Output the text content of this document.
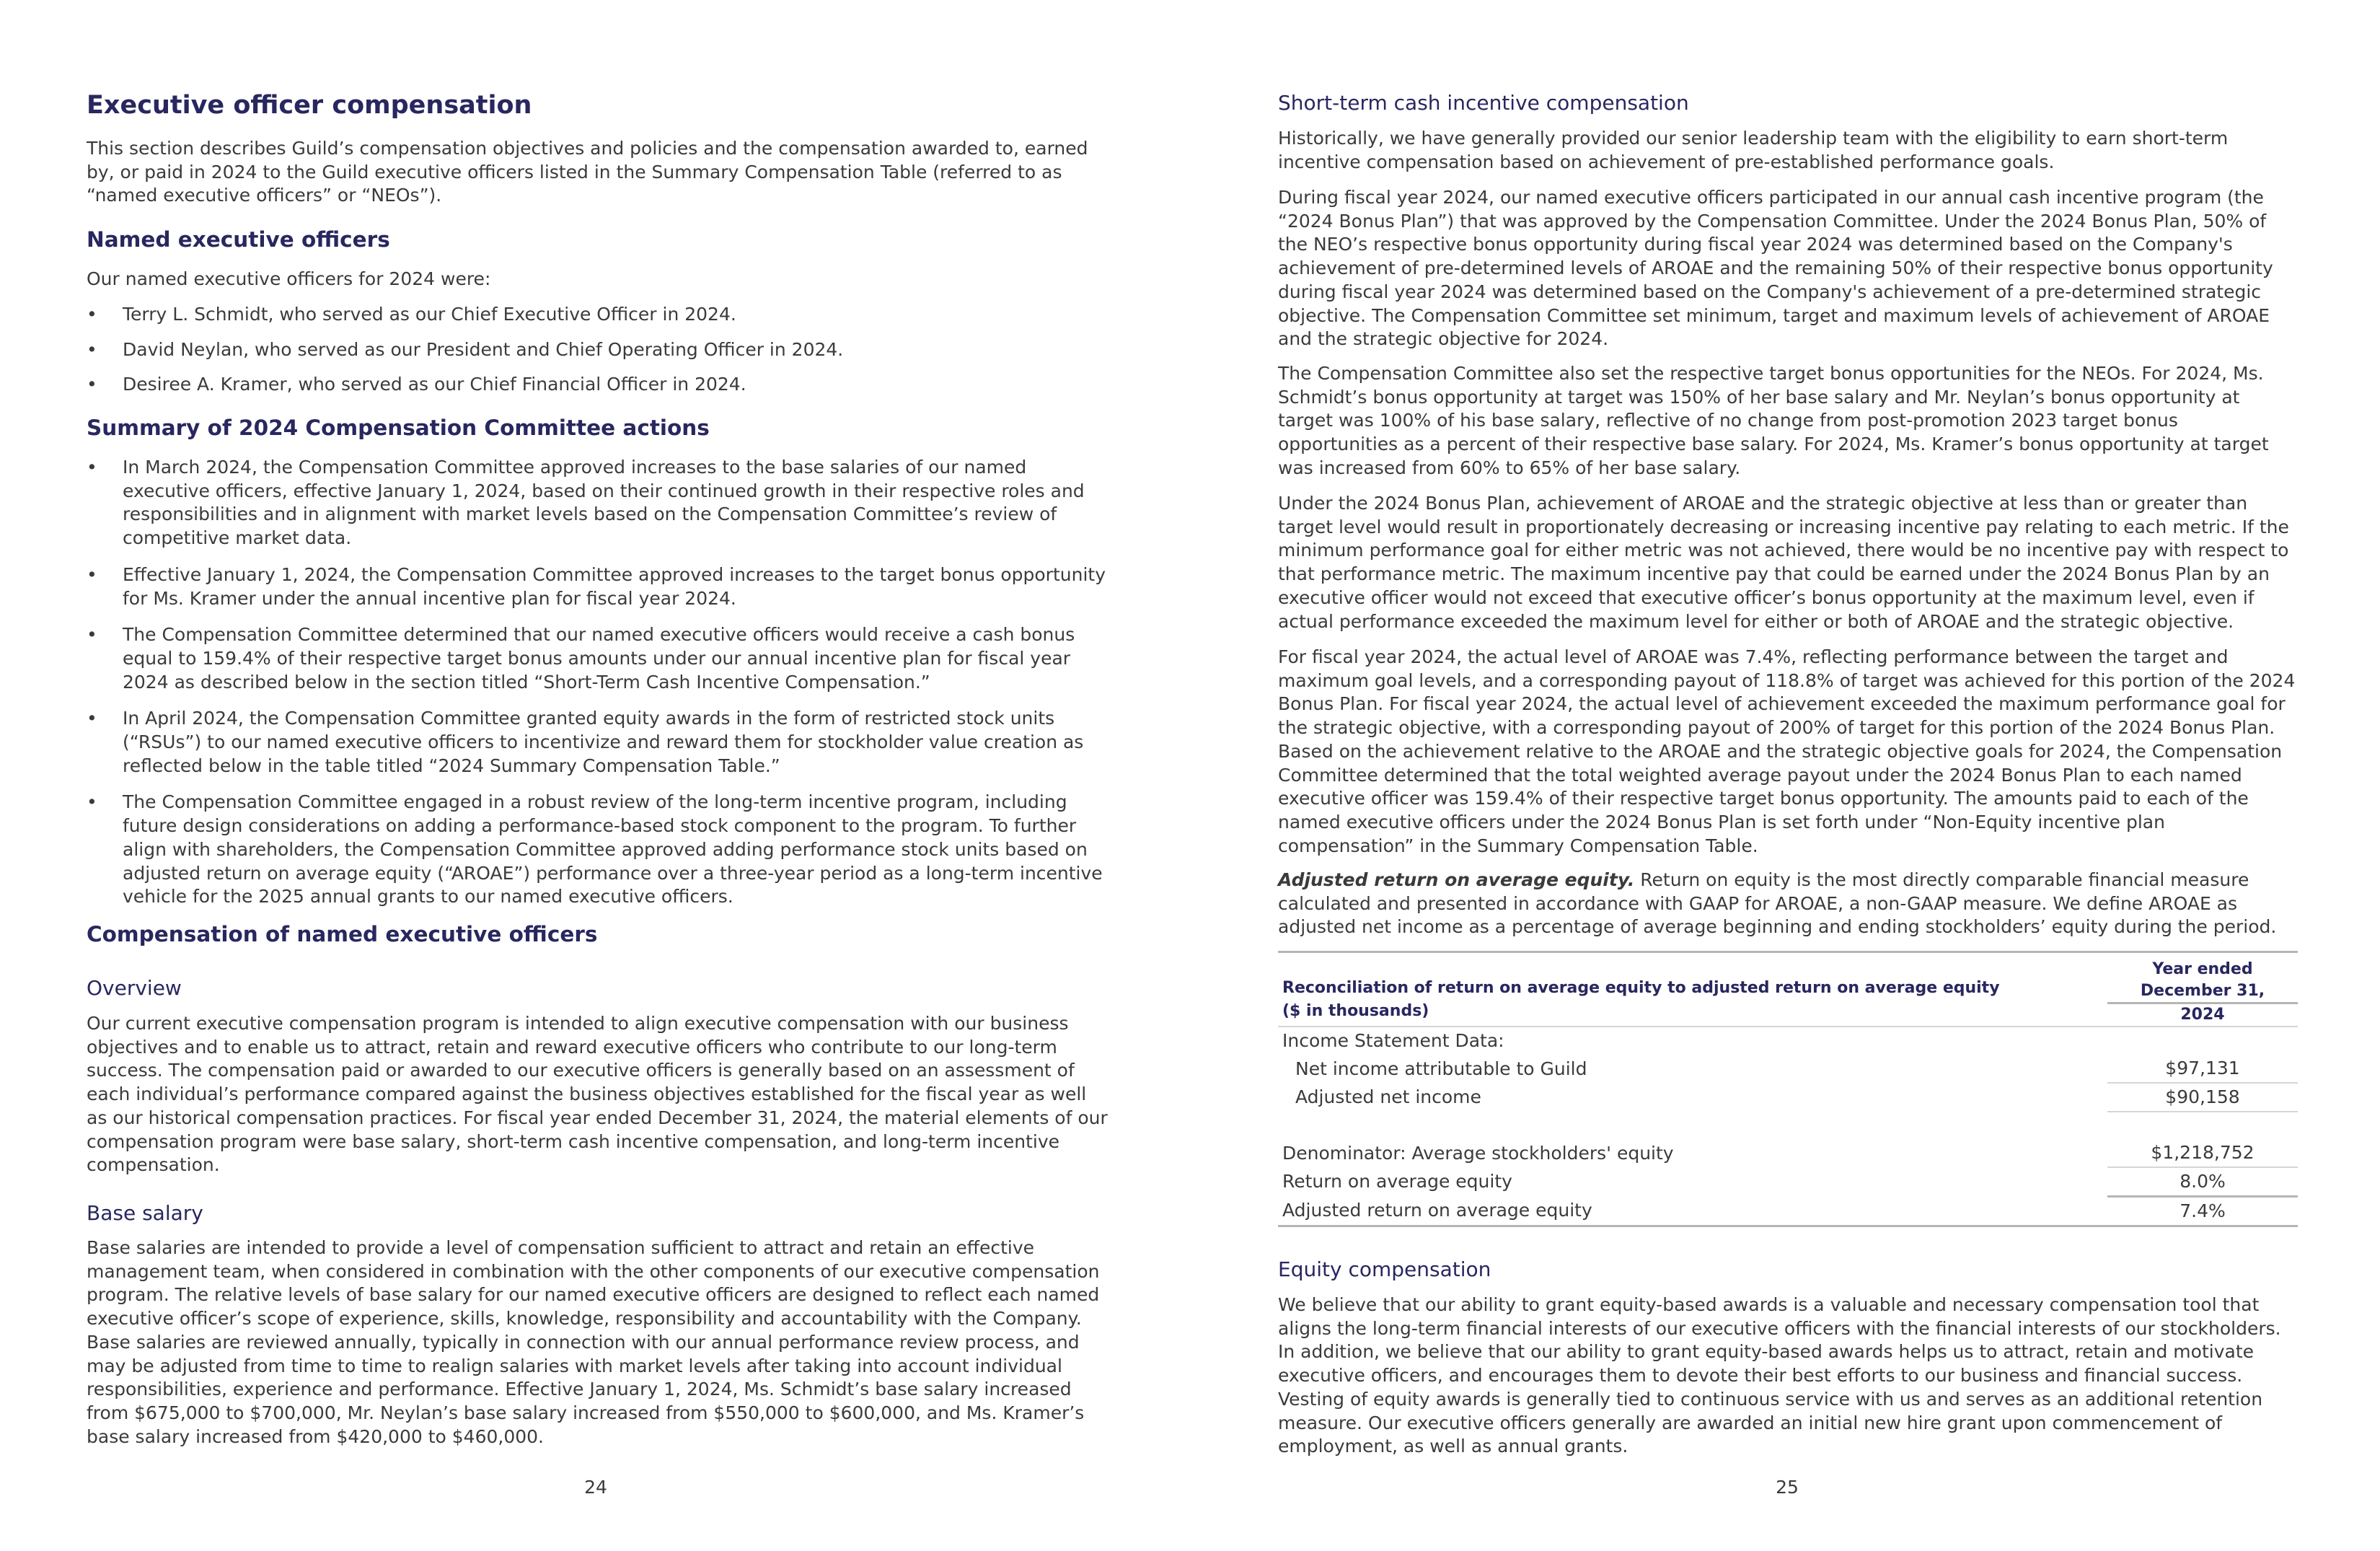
Executive officer compensation

This section describes Guild’s compensation objectives and policies and the compensation awarded to, earned by, or paid in 2024 to the Guild executive officers listed in the Summary Compensation Table (referred to as “named executive officers” or “NEOs”).

Named executive officers

Our named executive officers for 2024 were:

• Terry L. Schmidt, who served as our Chief Executive Officer in 2024.
• David Neylan, who served as our President and Chief Operating Officer in 2024.
• Desiree A. Kramer, who served as our Chief Financial Officer in 2024.
Summary of 2024 Compensation Committee actions
• In March 2024, the Compensation Committee approved increases to the base salaries of our named executive officers, effective January 1, 2024, based on their continued growth in their respective roles and responsibilities and in alignment with market levels based on the Compensation Committee’s review of competitive market data.
• Effective January 1, 2024, the Compensation Committee approved increases to the target bonus opportunity for Ms. Kramer under the annual incentive plan for fiscal year 2024.
• The Compensation Committee determined that our named executive officers would receive a cash bonus equal to 159.4% of their respective target bonus amounts under our annual incentive plan for fiscal year 2024 as described below in the section titled “Short-Term Cash Incentive Compensation.”
• In April 2024, the Compensation Committee granted equity awards in the form of restricted stock units (“RSUs”) to our named executive officers to incentivize and reward them for stockholder value creation as reflected below in the table titled “2024 Summary Compensation Table.”
• The Compensation Committee engaged in a robust review of the long-term incentive program, including future design considerations on adding a performance-based stock component to the program. To further align with shareholders, the Compensation Committee approved adding performance stock units based on adjusted return on average equity (“AROAE”) performance over a three-year period as a long-term incentive vehicle for the 2025 annual grants to our named executive officers.
Compensation of named executive officers
Overview

Our current executive compensation program is intended to align executive compensation with our business objectives and to enable us to attract, retain and reward executive officers who contribute to our long-term success. The compensation paid or awarded to our executive officers is generally based on an assessment of each individual’s performance compared against the business objectives established for the fiscal year as well as our historical compensation practices. For fiscal year ended December 31, 2024, the material elements of our compensation program were base salary, short-term cash incentive compensation, and long-term incentive compensation.

Base salary

Base salaries are intended to provide a level of compensation sufficient to attract and retain an effective management team, when considered in combination with the other components of our executive compensation program. The relative levels of base salary for our named executive officers are designed to reflect each named executive officer’s scope of experience, skills, knowledge, responsibility and accountability with the Company. Base salaries are reviewed annually, typically in connection with our annual performance review process, and may be adjusted from time to time to realign salaries with market levels after taking into account individual responsibilities, experience and performance. Effective January 1, 2024, Ms. Schmidt’s base salary increased from $675,000 to $700,000, Mr. Neylan’s base salary increased from $550,000 to $600,000, and Ms. Kramer’s base salary increased from $420,000 to $460,000.

24
Short-term cash incentive compensation

Historically, we have generally provided our senior leadership team with the eligibility to earn short-term incentive compensation based on achievement of pre-established performance goals.

During fiscal year 2024, our named executive officers participated in our annual cash incentive program (the “2024 Bonus Plan”) that was approved by the Compensation Committee. Under the 2024 Bonus Plan, 50% of the NEO’s respective bonus opportunity during fiscal year 2024 was determined based on the Company's achievement of pre-determined levels of AROAE and the remaining 50% of their respective bonus opportunity during fiscal year 2024 was determined based on the Company's achievement of a pre-determined strategic objective. The Compensation Committee set minimum, target and maximum levels of achievement of AROAE and the strategic objective for 2024.

The Compensation Committee also set the respective target bonus opportunities for the NEOs. For 2024, Ms. Schmidt’s bonus opportunity at target was 150% of her base salary and Mr. Neylan’s bonus opportunity at target was 100% of his base salary, reflective of no change from post-promotion 2023 target bonus opportunities as a percent of their respective base salary. For 2024, Ms. Kramer’s bonus opportunity at target was increased from 60% to 65% of her base salary.

Under the 2024 Bonus Plan, achievement of AROAE and the strategic objective at less than or greater than target level would result in proportionately decreasing or increasing incentive pay relating to each metric. If the minimum performance goal for either metric was not achieved, there would be no incentive pay with respect to that performance metric. The maximum incentive pay that could be earned under the 2024 Bonus Plan by an executive officer would not exceed that executive officer’s bonus opportunity at the maximum level, even if actual performance exceeded the maximum level for either or both of AROAE and the strategic objective.

For fiscal year 2024, the actual level of AROAE was 7.4%, reflecting performance between the target and maximum goal levels, and a corresponding payout of 118.8% of target was achieved for this portion of the 2024 Bonus Plan. For fiscal year 2024, the actual level of achievement exceeded the maximum performance goal for the strategic objective, with a corresponding payout of 200% of target for this portion of the 2024 Bonus Plan. Based on the achievement relative to the AROAE and the strategic objective goals for 2024, the Compensation Committee determined that the total weighted average payout under the 2024 Bonus Plan to each named executive officer was 159.4% of their respective target bonus opportunity. The amounts paid to each of the named executive officers under the 2024 Bonus Plan is set forth under “Non-Equity incentive plan compensation” in the Summary Compensation Table.

Adjusted return on average equity. Return on equity is the most directly comparable financial measure calculated and presented in accordance with GAAP for AROAE, a non-GAAP measure. We define AROAE as adjusted net income as a percentage of average beginning and ending stockholders’ equity during the period.

Reconciliation of return on average equity to adjusted return on average equity
($ in thousands)

Year ended
December 31,

	2024
Income Statement Data:	
Net income attributable to Guild	$97,131
Adjusted net income	$90,158

Denominator: Average stockholders' equity	$1,218,752
Return on average equity	8.0%
Adjusted return on average equity	7.4%
Equity compensation

We believe that our ability to grant equity-based awards is a valuable and necessary compensation tool that aligns the long-term financial interests of our executive officers with the financial interests of our stockholders. In addition, we believe that our ability to grant equity-based awards helps us to attract, retain and motivate executive officers, and encourages them to devote their best efforts to our business and financial success. Vesting of equity awards is generally tied to continuous service with us and serves as an additional retention measure. Our executive officers generally are awarded an initial new hire grant upon commencement of employment, as well as annual grants.

25
